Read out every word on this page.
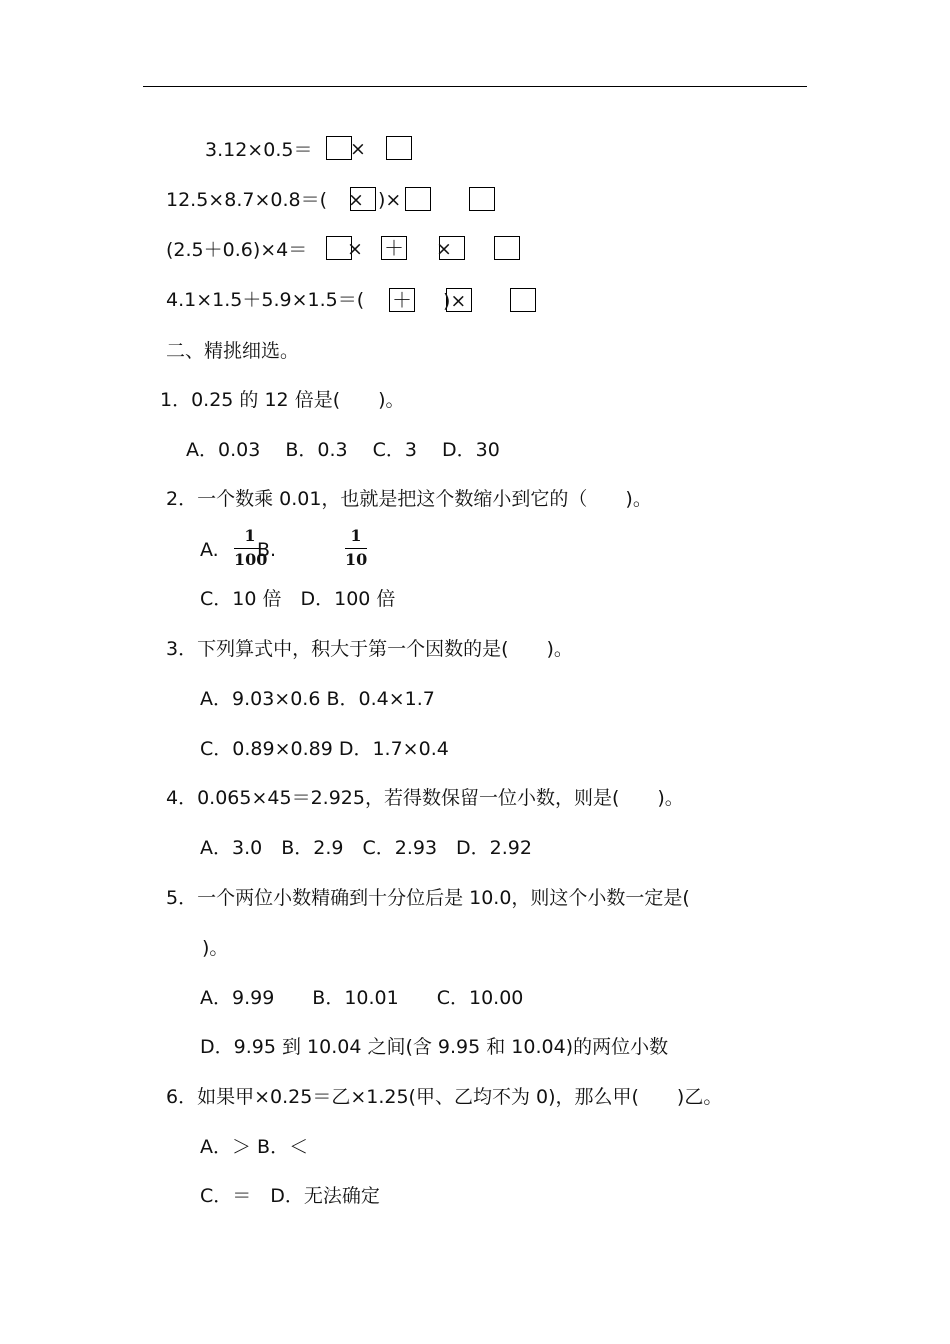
3.12×0.5＝ ×
12.5×8.7×0.8＝( × )×
(2.5＋0.6)×4＝ × ＋ ×
4.1×1.5＋5.9×1.5＝( ＋ )×
二、精挑细选。
1．0.25 的 12 倍是(　　)。
A．0.03　 B．0.3　 C．3　 D．30
2．一个数乘 0.01，也就是把这个数缩小到它的（　　)。
A.
1
100
B.
1
10
C．10 倍　D．100 倍
3．下列算式中，积大于第一个因数的是(　　)。
A．9.03×0.6 B．0.4×1.7
C．0.89×0.89 D．1.7×0.4
4．0.065×45＝2.925，若得数保留一位小数，则是(　　)。
A．3.0　B．2.9　C．2.93　D．2.92
5．一个两位小数精确到十分位后是 10.0，则这个小数一定是(
)。
A．9.99　　B．10.01　　C．10.00
D．9.95 到 10.04 之间(含 9.95 和 10.04)的两位小数
6．如果甲×0.25＝乙×1.25(甲、乙均不为 0)，那么甲(　　)乙。
A．＞ B．＜
C．＝　D．无法确定
